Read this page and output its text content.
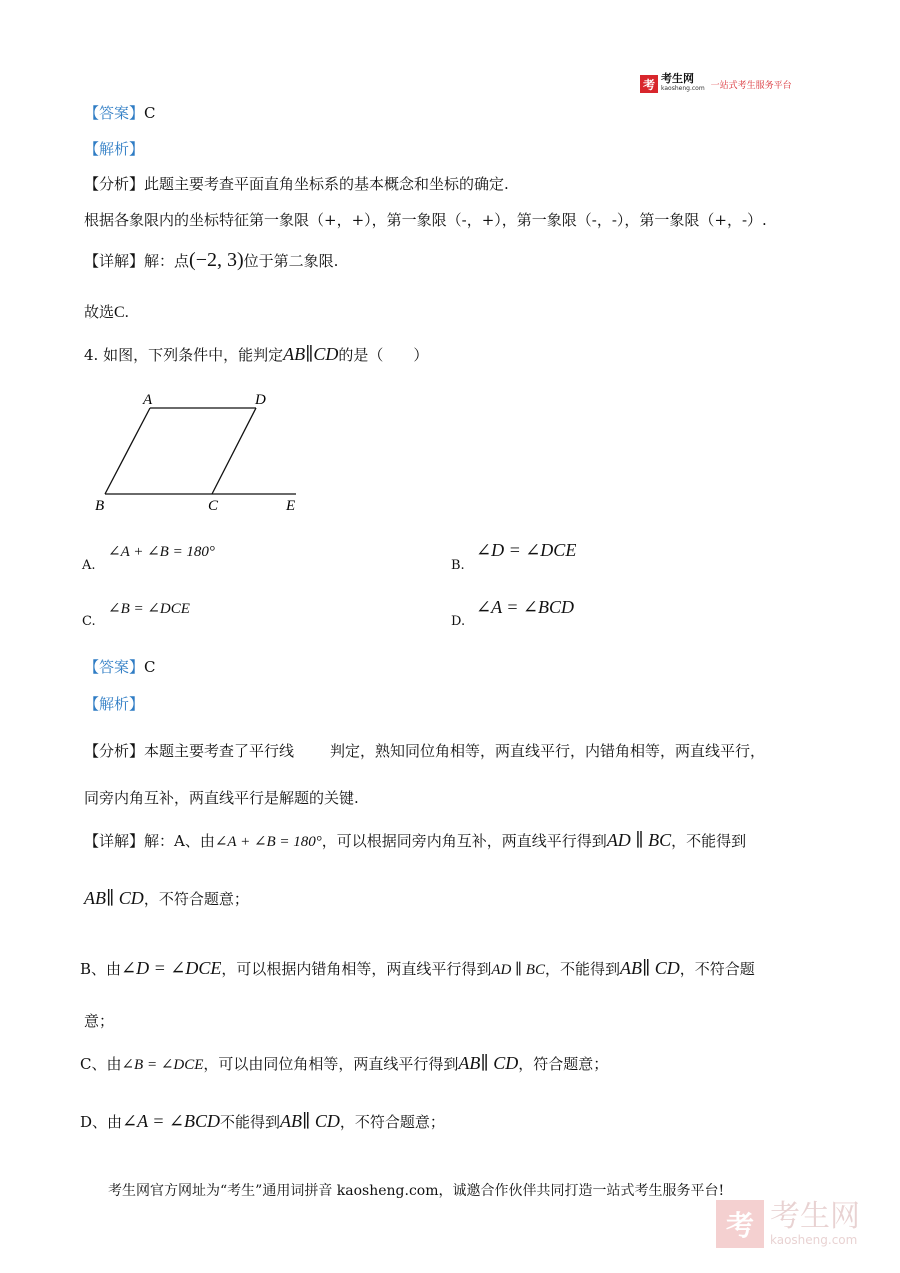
考 考生网
kaosheng.com 一站式考生服务平台
【答案】C
【解析】
【分析】此题主要考查平面直角坐标系的基本概念和坐标的确定.
根据各象限内的坐标特征第一象限（+，+），第一象限（-，+），第一象限（-，-），第一象限（+，-）.
【详解】解：点(−2, 3)位于第二象限.
故选C.
4. 如图，下列条件中，能判定AB∥CD的是（　　）
A	D
B	C	E
A.
∠A + ∠B = 180°
B.
∠D = ∠DCE
C.
∠B = ∠DCE
D.
∠A = ∠BCD
【答案】C
【解析】
【分析】本题主要考查了平行线 判定，熟知同位角相等，两直线平行，内错角相等，两直线平行，
同旁内角互补，两直线平行是解题的关键.
【详解】解：A、由∠A + ∠B = 180°，可以根据同旁内角互补，两直线平行得到AD ∥ BC，不能得到
AB∥ CD，不符合题意；
B、由∠D = ∠DCE，可以根据内错角相等，两直线平行得到AD ∥ BC，不能得到AB∥ CD，不符合题
意；
C、由∠B = ∠DCE，可以由同位角相等，两直线平行得到AB∥ CD，符合题意；
D、由∠A = ∠BCD不能得到AB∥ CD，不符合题意；
考生网官方网址为“考生”通用词拼音 kaosheng.com，诚邀合作伙伴共同打造一站式考生服务平台!
考 考生网
kaosheng.com
